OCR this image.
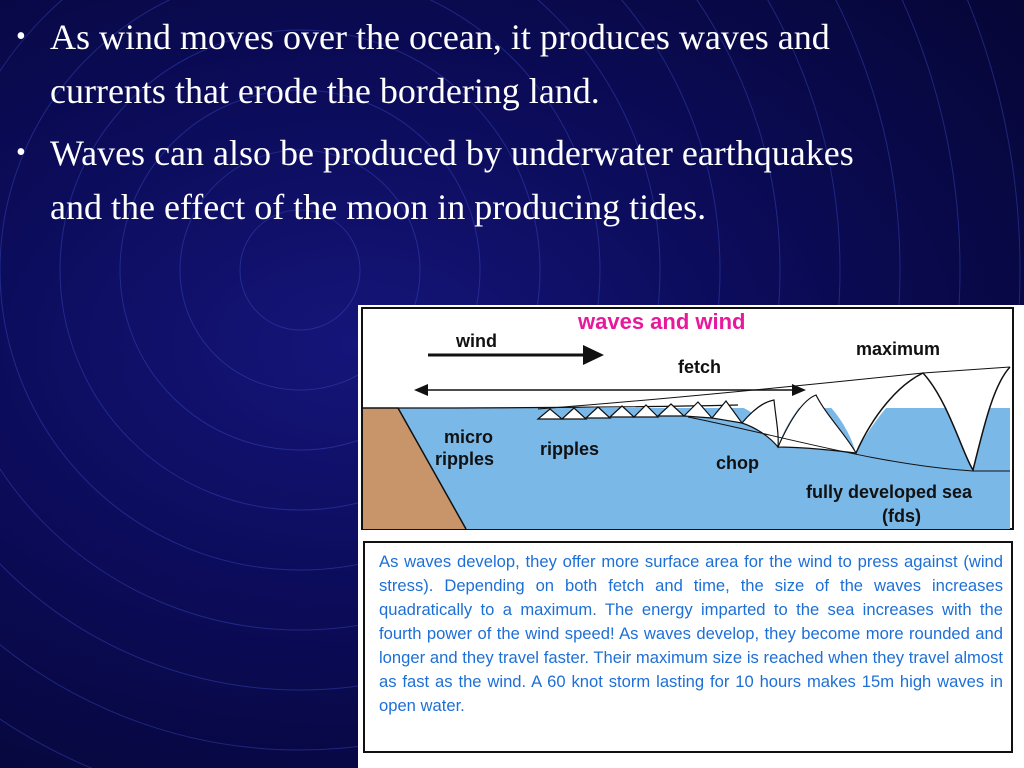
• As wind moves over the ocean, it produces waves and currents that erode the bordering land.
• Waves can also be produced by underwater earthquakes and the effect of the moon in producing tides.
waves and wind
wind
fetch
maximum
micro
ripples	ripples
chop
fully developed sea
(fds)

As waves develop, they offer more surface area for the wind to press against (wind stress). Depending on both fetch and time, the size of the waves increases quadratically to a maximum. The energy imparted to the sea increases with the fourth power of the wind speed! As waves develop, they become more rounded and longer and they travel faster. Their maximum size is reached when they travel almost as fast as the wind. A 60 knot storm lasting for 10 hours makes 15m high waves in open water.
